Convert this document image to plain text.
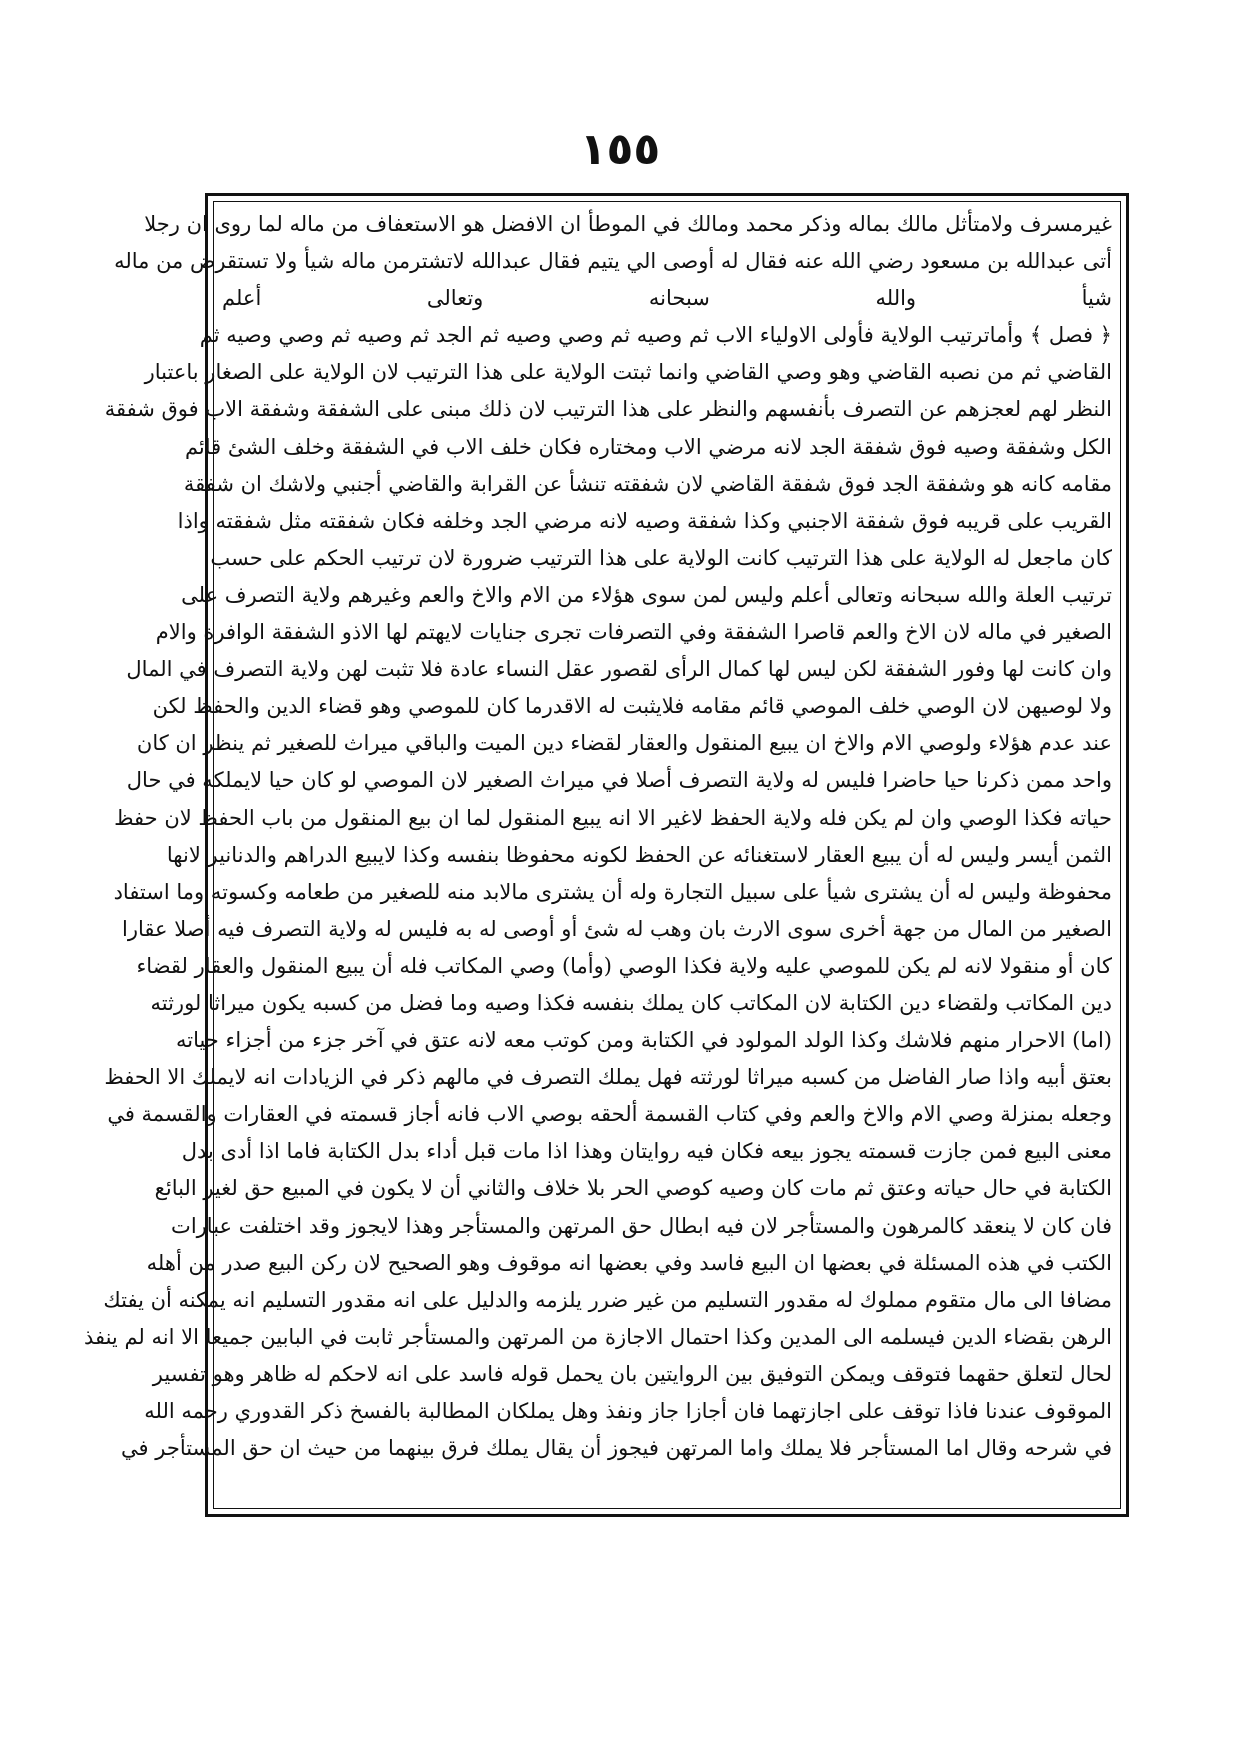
١٥٥
غيرمسرف ولامتأثل مالك بماله وذكر محمد ومالك في الموطأ ان الافضل هو الاستعفاف من ماله لما روى ان رجلا
أتى عبدالله بن مسعود رضي الله عنه فقال له أوصى الي يتيم فقال عبدالله لاتشترمن ماله شيأ ولا تستقرض من ماله
شيأ والله سبحانه وتعالى أعلم
﴿ فصل ﴾ وأماترتيب الولاية فأولى الاولياء الاب ثم وصيه ثم وصي وصيه ثم الجد ثم وصيه ثم وصي وصيه ثم
القاضي ثم من نصبه القاضي وهو وصي القاضي وانما ثبتت الولاية على هذا الترتيب لان الولاية على الصغار باعتبار
النظر لهم لعجزهم عن التصرف بأنفسهم والنظر على هذا الترتيب لان ذلك مبنى على الشفقة وشفقة الاب فوق شفقة
الكل وشفقة وصيه فوق شفقة الجد لانه مرضي الاب ومختاره فكان خلف الاب في الشفقة وخلف الشئ قائم
مقامه كانه هو وشفقة الجد فوق شفقة القاضي لان شفقته تنشأ عن القرابة والقاضي أجنبي ولاشك ان شفقة
القريب على قريبه فوق شفقة الاجنبي وكذا شفقة وصيه لانه مرضي الجد وخلفه فكان شفقته مثل شفقته واذا
كان ماجعل له الولاية على هذا الترتيب كانت الولاية على هذا الترتيب ضرورة لان ترتيب الحكم على حسب
ترتيب العلة والله سبحانه وتعالى أعلم وليس لمن سوى هؤلاء من الام والاخ والعم وغيرهم ولاية التصرف على
الصغير في ماله لان الاخ والعم قاصرا الشفقة وفي التصرفات تجرى جنايات لايهتم لها الاذو الشفقة الوافرة والام
وان كانت لها وفور الشفقة لكن ليس لها كمال الرأى لقصور عقل النساء عادة فلا تثبت لهن ولاية التصرف في المال
ولا لوصيهن لان الوصي خلف الموصي قائم مقامه فلايثبت له الاقدرما كان للموصي وهو قضاء الدين والحفظ لكن
عند عدم هؤلاء ولوصي الام والاخ ان يبيع المنقول والعقار لقضاء دين الميت والباقي ميراث للصغير ثم ينظر ان كان
واحد ممن ذكرنا حيا حاضرا فليس له ولاية التصرف أصلا في ميراث الصغير لان الموصي لو كان حيا لايملكه في حال
حياته فكذا الوصي وان لم يكن فله ولاية الحفظ لاغير الا انه يبيع المنقول لما ان بيع المنقول من باب الحفظ لان حفظ
الثمن أيسر وليس له أن يبيع العقار لاستغنائه عن الحفظ لكونه محفوظا بنفسه وكذا لايبيع الدراهم والدنانير لانها
محفوظة وليس له أن يشترى شيأ على سبيل التجارة وله أن يشترى مالابد منه للصغير من طعامه وكسوته وما استفاد
الصغير من المال من جهة أخرى سوى الارث بان وهب له شئ أو أوصى له به فليس له ولاية التصرف فيه أصلا عقارا
كان أو منقولا لانه لم يكن للموصي عليه ولاية فكذا الوصي (وأما) وصي المكاتب فله أن يبيع المنقول والعقار لقضاء
دين المكاتب ولقضاء دين الكتابة لان المكاتب كان يملك بنفسه فكذا وصيه وما فضل من كسبه يكون ميراثا لورثته
(اما) الاحرار منهم فلاشك وكذا الولد المولود في الكتابة ومن كوتب معه لانه عتق في آخر جزء من أجزاء حياته
بعتق أبيه واذا صار الفاضل من كسبه ميراثا لورثته فهل يملك التصرف في مالهم ذكر في الزيادات انه لايملك الا الحفظ
وجعله بمنزلة وصي الام والاخ والعم وفي كتاب القسمة ألحقه بوصي الاب فانه أجاز قسمته في العقارات والقسمة في
معنى البيع فمن جازت قسمته يجوز بيعه فكان فيه روايتان وهذا اذا مات قبل أداء بدل الكتابة فاما اذا أدى بدل
الكتابة في حال حياته وعتق ثم مات كان وصيه كوصي الحر بلا خلاف والثاني أن لا يكون في المبيع حق لغير البائع
فان كان لا ينعقد كالمرهون والمستأجر لان فيه ابطال حق المرتهن والمستأجر وهذا لايجوز وقد اختلفت عبارات
الكتب في هذه المسئلة في بعضها ان البيع فاسد وفي بعضها انه موقوف وهو الصحيح لان ركن البيع صدر من أهله
مضافا الى مال متقوم مملوك له مقدور التسليم من غير ضرر يلزمه والدليل على انه مقدور التسليم انه يمكنه أن يفتك
الرهن بقضاء الدين فيسلمه الى المدين وكذا احتمال الاجازة من المرتهن والمستأجر ثابت في البابين جميعا الا انه لم ينفذ
لحال لتعلق حقهما فتوقف ويمكن التوفيق بين الروايتين بان يحمل قوله فاسد على انه لاحكم له ظاهر وهو تفسير
الموقوف عندنا فاذا توقف على اجازتهما فان أجازا جاز ونفذ وهل يملكان المطالبة بالفسخ ذكر القدوري رحمه الله
في شرحه وقال اما المستأجر فلا يملك واما المرتهن فيجوز أن يقال يملك فرق بينهما من حيث ان حق المستأجر في
